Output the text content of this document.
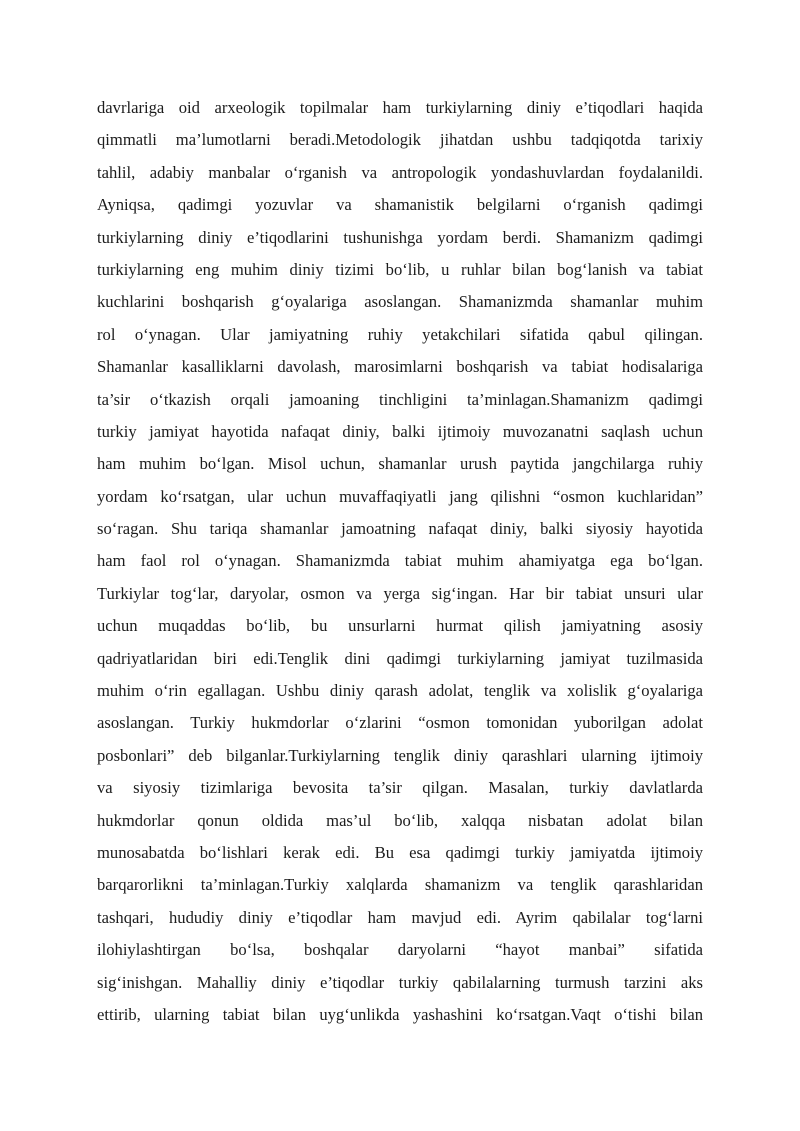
davrlariga oid arxeologik topilmalar ham turkiylarning diniy e’tiqodlari haqida
qimmatli ma’lumotlarni beradi.Metodologik jihatdan ushbu tadqiqotda tarixiy
tahlil, adabiy manbalar o‘rganish va antropologik yondashuvlardan foydalanildi.
Ayniqsa, qadimgi yozuvlar va shamanistik belgilarni o‘rganish qadimgi
turkiylarning diniy e’tiqodlarini tushunishga yordam berdi. Shamanizm qadimgi
turkiylarning eng muhim diniy tizimi bo‘lib, u ruhlar bilan bog‘lanish va tabiat
kuchlarini boshqarish g‘oyalariga asoslangan. Shamanizmda shamanlar muhim
rol o‘ynagan. Ular jamiyatning ruhiy yetakchilari sifatida qabul qilingan.
Shamanlar kasalliklarni davolash, marosimlarni boshqarish va tabiat hodisalariga
ta’sir o‘tkazish orqali jamoaning tinchligini ta’minlagan.Shamanizm qadimgi
turkiy jamiyat hayotida nafaqat diniy, balki ijtimoiy muvozanatni saqlash uchun
ham muhim bo‘lgan. Misol uchun, shamanlar urush paytida jangchilarga ruhiy
yordam ko‘rsatgan, ular uchun muvaffaqiyatli jang qilishni “osmon kuchlaridan”
so‘ragan. Shu tariqa shamanlar jamoatning nafaqat diniy, balki siyosiy hayotida
ham faol rol o‘ynagan. Shamanizmda tabiat muhim ahamiyatga ega bo‘lgan.
Turkiylar tog‘lar, daryolar, osmon va yerga sig‘ingan. Har bir tabiat unsuri ular
uchun muqaddas bo‘lib, bu unsurlarni hurmat qilish jamiyatning asosiy
qadriyatlaridan biri edi.Tenglik dini qadimgi turkiylarning jamiyat tuzilmasida
muhim o‘rin egallagan. Ushbu diniy qarash adolat, tenglik va xolislik g‘oyalariga
asoslangan. Turkiy hukmdorlar o‘zlarini “osmon tomonidan yuborilgan adolat
posbonlari” deb bilganlar.Turkiylarning tenglik diniy qarashlari ularning ijtimoiy
va siyosiy tizimlariga bevosita ta’sir qilgan. Masalan, turkiy davlatlarda
hukmdorlar qonun oldida mas’ul bo‘lib, xalqqa nisbatan adolat bilan
munosabatda bo‘lishlari kerak edi. Bu esa qadimgi turkiy jamiyatda ijtimoiy
barqarorlikni ta’minlagan.Turkiy xalqlarda shamanizm va tenglik qarashlaridan
tashqari, hududiy diniy e’tiqodlar ham mavjud edi. Ayrim qabilalar tog‘larni
ilohiylashtirgan bo‘lsa, boshqalar daryolarni “hayot manbai” sifatida
sig‘inishgan. Mahalliy diniy e’tiqodlar turkiy qabilalarning turmush tarzini aks
ettirib, ularning tabiat bilan uyg‘unlikda yashashini ko‘rsatgan.Vaqt o‘tishi bilan
